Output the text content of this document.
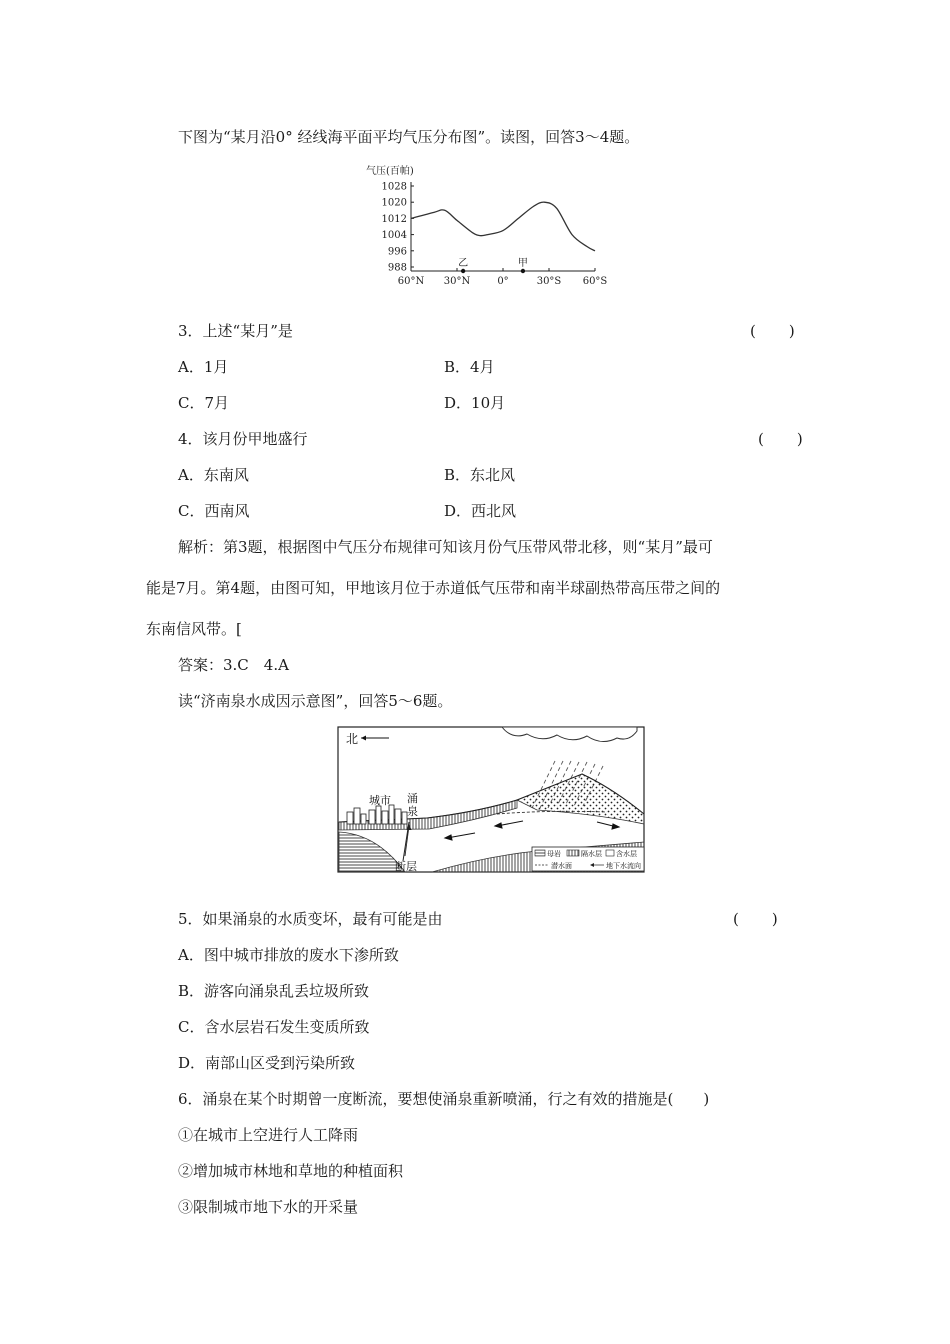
下图为“某月沿0° 经线海平面平均气压分布图”。读图，回答3～4题。
气压(百帕)
1028
1020
1012
1004
996
988
60°N 30°N	0°	30°S 60°S
乙	甲
3．上述“某月”是	(　　)
A．1月	B．4月
C．7月	D．10月
4．该月份甲地盛行	(　　)
A．东南风	B．东北风
C．西南风	D．西北风
解析：第3题，根据图中气压分布规律可知该月份气压带风带北移，则“某月”最可
能是7月。第4题，由图可知，甲地该月位于赤道低气压带和南半球副热带高压带之间的
东南信风带。[
答案：3.C　4.A
读“济南泉水成因示意图”，回答5～6题。
北
城市 涌
泉
断层
母岩	隔水层 含水层
潜水面	地下水流向
5．如果涌泉的水质变坏，最有可能是由	(　　)
A．图中城市排放的废水下渗所致
B．游客向涌泉乱丢垃圾所致
C．含水层岩石发生变质所致
D．南部山区受到污染所致
6．涌泉在某个时期曾一度断流，要想使涌泉重新喷涌，行之有效的措施是(　　)
①在城市上空进行人工降雨
②增加城市林地和草地的种植面积
③限制城市地下水的开采量
